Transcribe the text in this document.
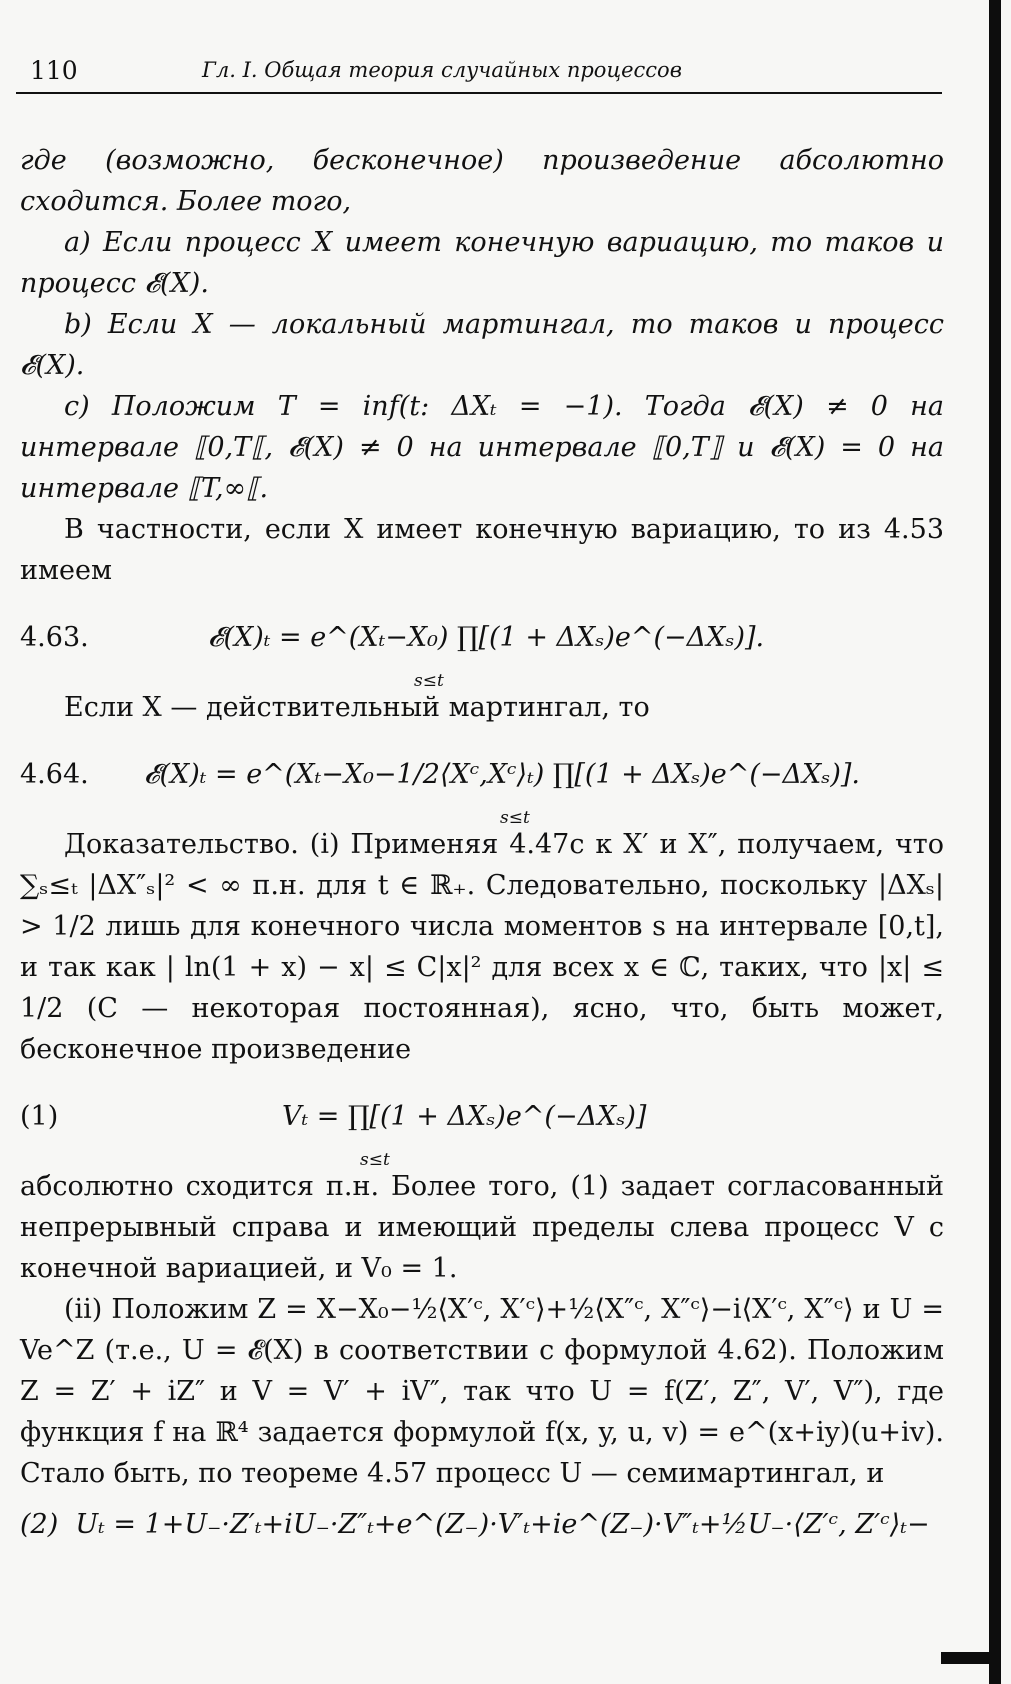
110	Гл. I. Общая теория случайных процессов

где (возможно, бесконечное) произведение абсолютно сходится. Более того,

a) Если процесс X имеет конечную вариацию, то таков и процесс 𝓔(X).

b) Если X — локальный мартингал, то таков и процесс 𝓔(X).

c) Положим T = inf(t: ΔXₜ = −1). Тогда 𝓔(X) ≠ 0 на интервале ⟦0,T⟦, 𝓔(X) ≠ 0 на интервале ⟦0,T⟧ и 𝓔(X) = 0 на интервале ⟦T,∞⟦.

В частности, если X имеет конечную вариацию, то из 4.53 имеем

4.63.	𝓔(X)ₜ = e^(Xₜ−X₀) ∏[(1 + ΔXₛ)e^(−ΔXₛ)].
s≤t

Если X — действительный мартингал, то

4.64. 𝓔(X)ₜ = e^(Xₜ−X₀−1/2⟨Xᶜ,Xᶜ⟩ₜ) ∏[(1 + ΔXₛ)e^(−ΔXₛ)].
s≤t

Доказательство. (i) Применяя 4.47c к X′ и X″, получаем, что ∑ₛ≤ₜ |ΔX″ₛ|² < ∞ п.н. для t ∈ ℝ₊. Следовательно, поскольку |ΔXₛ| > 1/2 лишь для конечного числа моментов s на интервале [0,t], и так как | ln(1 + x) − x| ≤ C|x|² для всех x ∈ ℂ, таких, что |x| ≤ 1/2 (C — некоторая постоянная), ясно, что, быть может, бесконечное произведение

(1)	Vₜ = ∏[(1 + ΔXₛ)e^(−ΔXₛ)]
s≤t

абсолютно сходится п.н. Более того, (1) задает согласованный непрерывный справа и имеющий пределы слева процесс V с конечной вариацией, и V₀ = 1.

(ii) Положим Z = X−X₀−½⟨X′ᶜ, X′ᶜ⟩+½⟨X″ᶜ, X″ᶜ⟩−i⟨X′ᶜ, X″ᶜ⟩ и U = Ve^Z (т.е., U = 𝓔(X) в соответствии с формулой 4.62). Положим Z = Z′ + iZ″ и V = V′ + iV″, так что U = f(Z′, Z″, V′, V″), где функция f на ℝ⁴ задается формулой f(x, y, u, v) = e^(x+iy)(u+iv). Стало быть, по теореме 4.57 процесс U — семимартингал, и

(2) Uₜ = 1+U₋·Z′ₜ+iU₋·Z″ₜ+e^(Z₋)·V′ₜ+ie^(Z₋)·V″ₜ+½U₋·⟨Z′ᶜ, Z′ᶜ⟩ₜ−
